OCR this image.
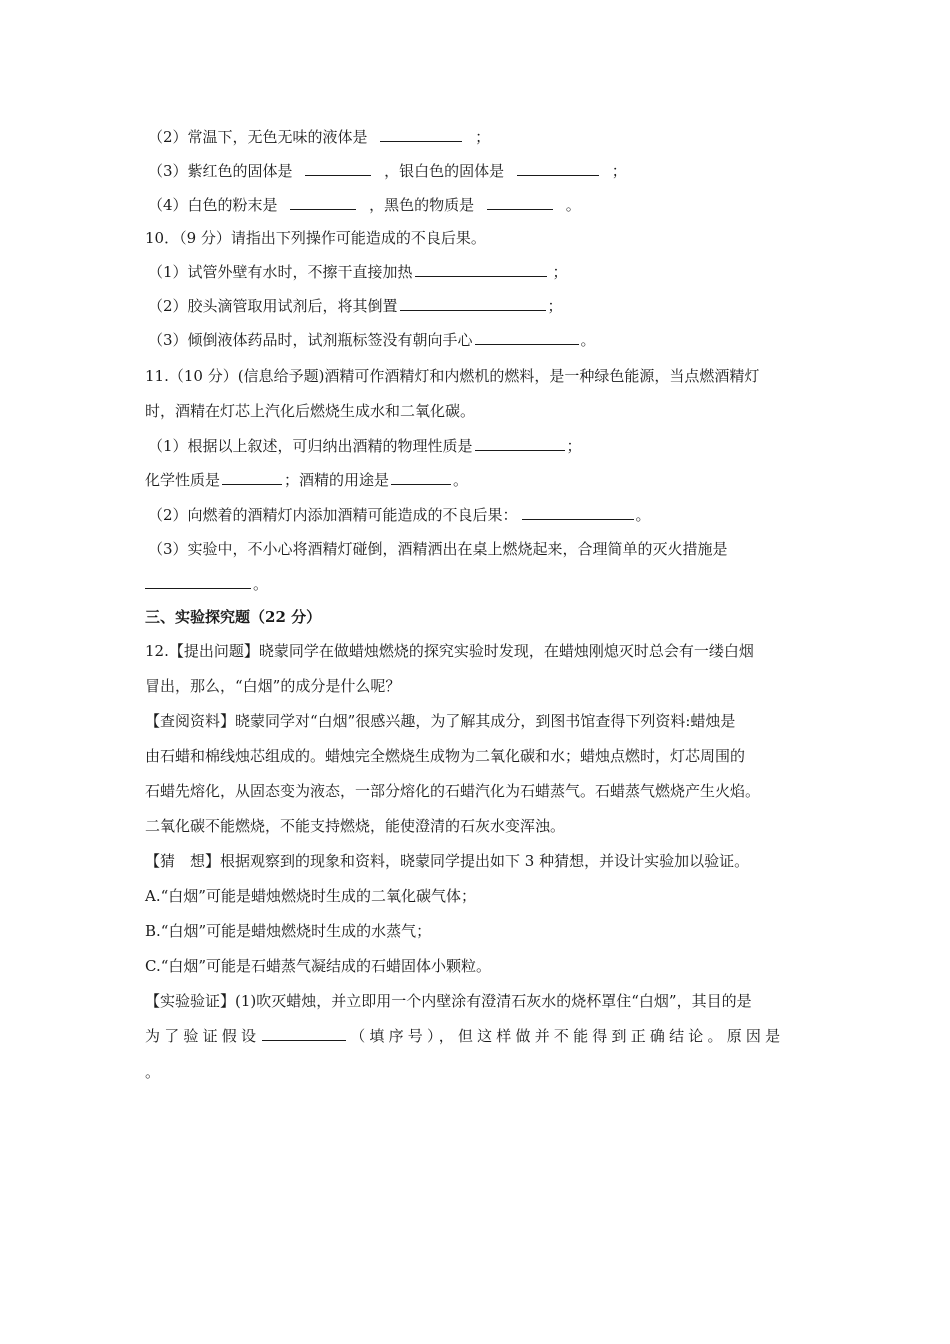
（2）常温下，无色无味的液体是	；
（3）紫红色的固体是	，银白色的固体是	；
（4）白色的粉末是	，黑色的物质是	。
10．（9 分）请指出下列操作可能造成的不良后果。
（1）试管外壁有水时，不擦干直接加热	；
（2）胶头滴管取用试剂后，将其倒置	；
（3）倾倒液体药品时，试剂瓶标签没有朝向手心	。
11.（10 分）(信息给予题)酒精可作酒精灯和内燃机的燃料，是一种绿色能源，当点燃酒精灯
时，酒精在灯芯上汽化后燃烧生成水和二氧化碳。
（1）根据以上叙述，可归纳出酒精的物理性质是	；
化学性质是	；酒精的用途是	。
（2）向燃着的酒精灯内添加酒精可能造成的不良后果：	。
（3）实验中，不小心将酒精灯碰倒，酒精洒出在桌上燃烧起来，合理简单的灭火措施是
。
三、实验探究题（22 分）
12.【提出问题】晓蒙同学在做蜡烛燃烧的探究实验时发现，在蜡烛刚熄灭时总会有一缕白烟
冒出，那么，“白烟”的成分是什么呢？
【查阅资料】晓蒙同学对“白烟”很感兴趣，为了解其成分，到图书馆查得下列资料:蜡烛是
由石蜡和棉线烛芯组成的。蜡烛完全燃烧生成物为二氧化碳和水；蜡烛点燃时，灯芯周围的
石蜡先熔化，从固态变为液态，一部分熔化的石蜡汽化为石蜡蒸气。石蜡蒸气燃烧产生火焰。
二氧化碳不能燃烧，不能支持燃烧，能使澄清的石灰水变浑浊。
【猜　想】根据观察到的现象和资料，晓蒙同学提出如下 3 种猜想，并设计实验加以验证。
A.“白烟”可能是蜡烛燃烧时生成的二氧化碳气体；
B.“白烟”可能是蜡烛燃烧时生成的水蒸气；
C.“白烟”可能是石蜡蒸气凝结成的石蜡固体小颗粒。
【实验验证】(1)吹灭蜡烛，并立即用一个内壁涂有澄清石灰水的烧杯罩住“白烟”，其目的是
为了验证假设	（填序号），但这样做并不能得到正确结论。原因是
。
